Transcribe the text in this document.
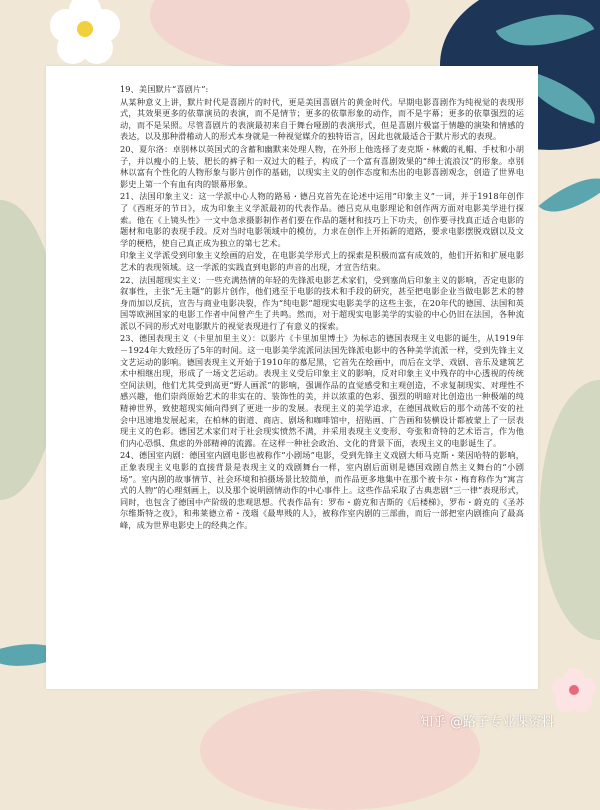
19、美国默片“喜剧片”:

从某种意义上讲，默片时代是喜剧片的时代，更是美国喜剧片的黄金时代。早期电影喜剧作为纯视觉的表现形式，其效果更多的依靠演员的表演，而不是情节；更多的依靠形象的动作，而不是字幕；更多的依靠强烈的运动，而不是呆照。尽管喜剧片的表演最初来自于舞台哑剧的表演形式，但是喜剧片极富于情趣的演染和情感的表达，以及那种滑稽动人的形式本身就是一种视觉媒介的独特语言，因此也就最适合于默片形式的表现。

20、夏尔洛：卓别林以英国式的含蓄和幽默来处理人物，在外形上他选择了麦克斯・林戴的礼帽、手杖和小胡子，并以瘦小的上装、肥长的裤子和一双过大的鞋子，构成了一个富有喜剧效果的“绅士流浪汉”的形象。卓别林以富有个性化的人物形象与影片创作的基础，以现实主义的创作态度和杰出的电影喜剧观念，创造了世界电影史上第一个有血有肉的银幕形象。

21、法国印象主义：这一学派中心人物的路易・德吕克首先在论述中运用“印象主义”一词，并于1918年创作了《西班牙的节日》，成为印象主义学派最初的代表作品。德吕克从电影理论和创作两方面对电影美学进行探索。他在《上镜头性》一文中急求摄影制作者们要在作品的题材和技巧上下功夫，创作要寻找真正适合电影的题材和电影的表现手段。反对当时电影领域中的模仿，力求在创作上开拓新的道路，要求电影摆脱戏剧以及文学的梗梏，使自己真正成为独立的第七艺术。

印象主义学派受到印象主义绘画的启发，在电影美学形式上的探索是积极而富有成效的，他们开拓和扩展电影艺术的表现领域。这一学派的实践直到电影的声音的出现，才宣告结束。

22、法国超现实主义：一些充满热情的年轻的先锋派电影艺术家们，受到塞尚后印象主义的影响，否定电影的叙事性，主张“无主题”的影片创作，他们逃至于电影的技术和手段的研究，甚至把电影企业当做电影艺术的替身而加以反抗，宣告与商业电影决裂，作为“纯电影”超现实电影美学的这些主张，在20年代的德国、法国和英国等欧洲国家的电影工作者中间曾产生了共鸣。然而，对于超现实电影美学的实验的中心仍旧在法国，各种流派以不同的形式对电影默片的视觉表现进行了有意义的探索。

23、德国表现主义（卡里加里主义）：以影片《卡里加里博士》为标志的德国表现主义电影的诞生，从1919年－1924年大致经历了5年的时间。这一电影美学流派同法国先锋派电影中的各种美学流派一样，受到先锋主义文艺运动的影响。德国表现主义开始于1910年的慕尼黑，它首先在绘画中，而后在文学、戏剧、音乐及建筑艺术中相继出现，形成了一场文艺运动。表现主义受后印象主义的影响，反对印象主义中残存的中心透视的传统空间法则，他们尤其受到高更“野人画派”的影响，强调作品的直觉感受和主观创造，不求复制现实、对理性不感兴趣，他们崇尚原始艺术的非实在的、装饰性的美，并以浓重的色彩、强烈的明暗对比创造出一种极端的纯精神世界，致使超现实倾向得到了更进一步的发展。表现主义的美学追求，在德国战败后的那个动荡不安的社会中迅速地发展起来，在柏林的街道、商店、剧场和咖啡馆中，招贴画、广告画和装横设计都被蒙上了一层表现主义的色彩。德国艺术家们对于社会现实愤然不满，并采用表现主义变形、夸张和奇特的艺术语言，作为他们内心恐惧、焦虑的外部精神的流露。在这样一种社会政治、文化的背景下面，表现主义的电影诞生了。

24、德国室内剧：德国室内剧电影也被称作“小剧场”电影，受到先锋主义戏剧大师马克斯・莱因哈特的影响，正象表现主义电影的直接背景是表现主义的戏剧舞台一样，室内剧后面则是德国戏剧自然主义舞台的“小剧场”。室内剧的故事情节、社会环境和拍摄场景比较简单，而作品更多地集中在那个被卡尔・梅育称作为“寓言式的人物”的心理刻画上，以及那个说明剧情动作的中心事件上。这些作品采取了古典悲剧“三一律”表现形式，同时，也包含了德国中产阶级的悲观思想。代表作品有：罗布・蔚克和吉斯的《后楼梯》，罗布・蔚克的《圣苏尔维斯特之夜》，和弗莱德立希・茂瑙《最卑贱的人》，被称作室内剧的三部曲，而后一部把室内剧推向了最高峰，成为世界电影史上的经典之作。

知乎 @路子专业课资料
